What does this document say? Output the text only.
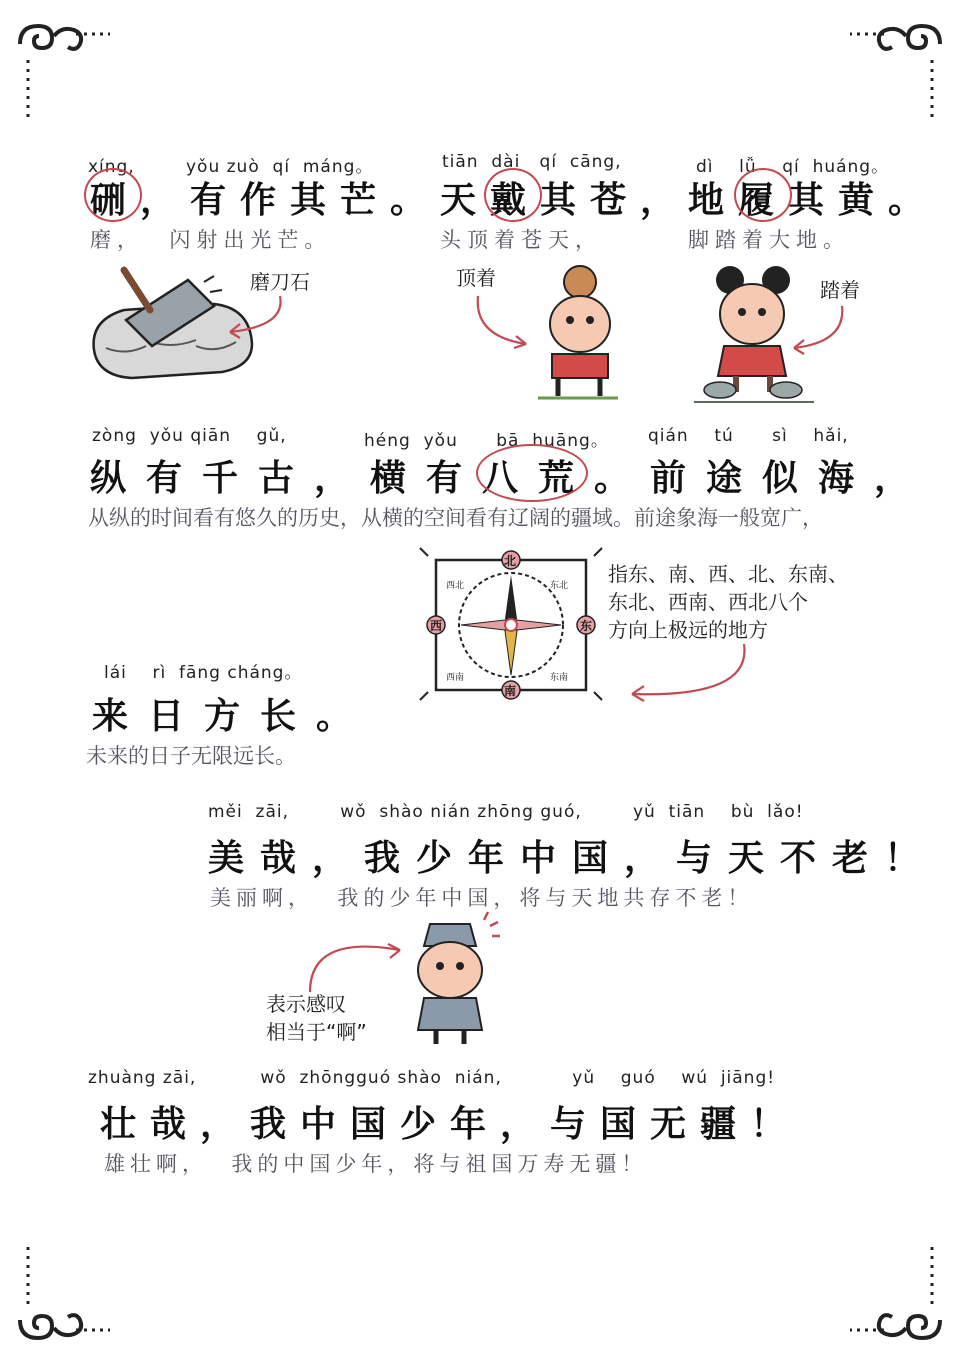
xíng,        yǒu zuò  qí  máng。
硎，有作其芒。
磨，  闪射出光芒。
tiān  dài   qí  cāng,
天戴其苍，
头顶着苍天，
dì    lǚ    qí  huáng。
地履其黄。
脚踏着大地。
磨刀石	顶着	踏着
zòng  yǒu qiān    gǔ,	héng  yǒu      bā  huāng。 qián    tú      sì    hǎi,
纵有千古，横有八荒。前途似海，
从纵的时间看有悠久的历史，从横的空间看有辽阔的疆域。前途象海一般宽广，
北
南
西	东
西北	东北
西南	东南
指东、南、西、北、东南、
东北、西南、西北八个
方向上极远的地方
lái    rì  fāng cháng。
来日方长。
未来的日子无限远长。
měi  zāi,        wǒ  shào nián zhōng guó,        yǔ  tiān    bù  lǎo!
美哉，我少年中国，与天不老！
美丽啊，  我的少年中国，将与天地共存不老！
表示感叹
相当于“啊”
zhuàng zāi,          wǒ  zhōngguó shào  nián,           yǔ    guó    wú  jiāng!
壮哉，我中国少年，与国无疆！
雄壮啊，  我的中国少年，将与祖国万寿无疆！
